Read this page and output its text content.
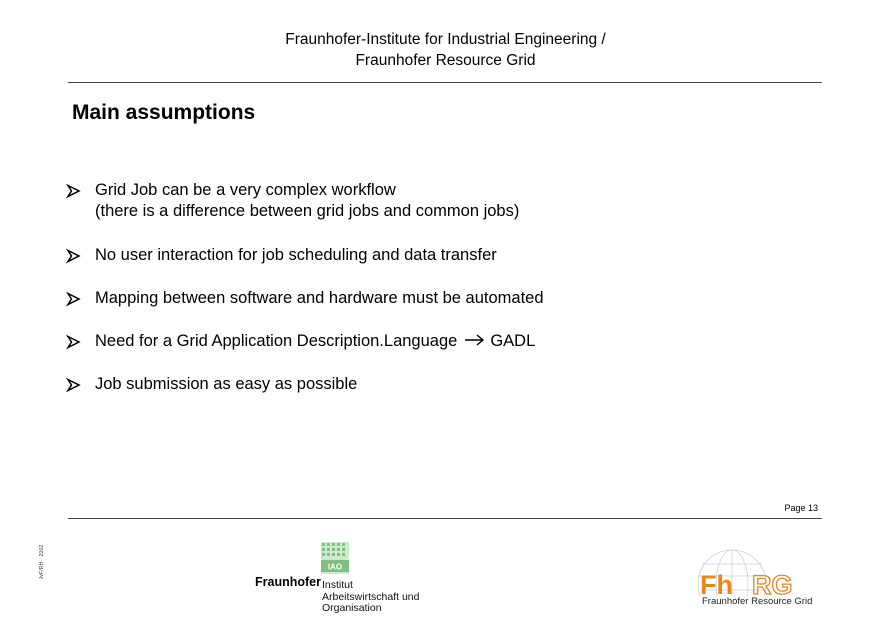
Fraunhofer-Institute for Industrial Engineering /
Fraunhofer Resource Grid
Main assumptions
Grid Job can be a very complex workflow
(there is a difference between grid jobs and common jobs)
No user interaction for job scheduling and data transfer
Mapping between software and hardware must be automated
Need for a Grid Application Description.Language GADL
Job submission as easy as possible
Page 13
JvF/RH · 2002	IAO
Fraunhofer Institut
Arbeitswirtschaft und
Organisation
Fh RG
Fraunhofer Resource Grid
